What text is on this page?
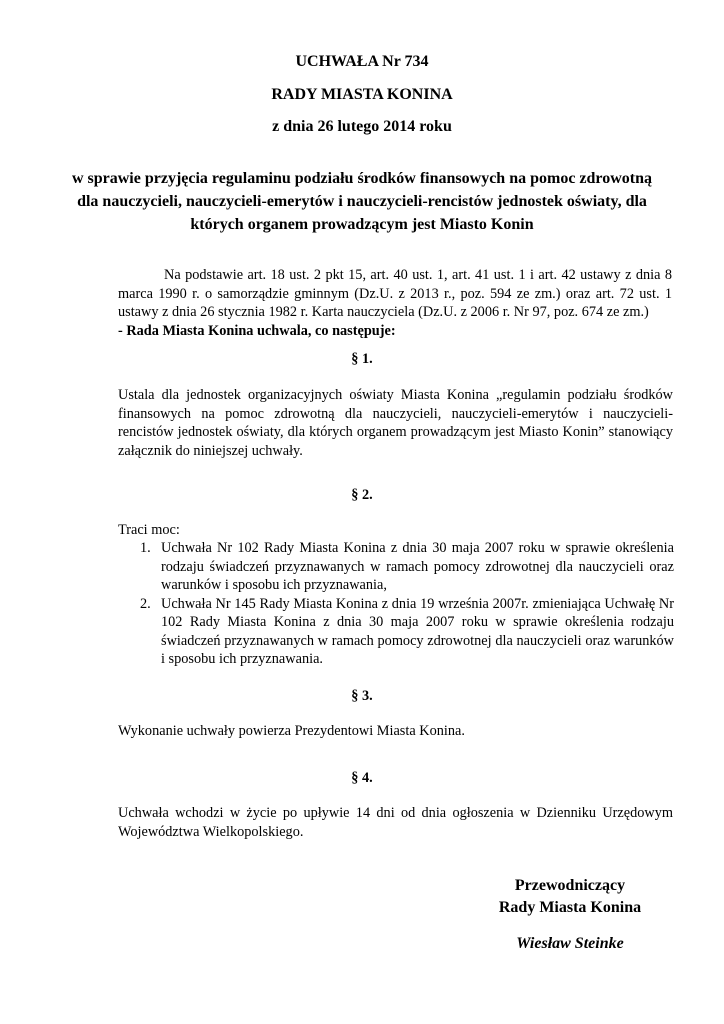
UCHWAŁA Nr 734

RADY MIASTA KONINA

z dnia 26 lutego 2014 roku

w sprawie przyjęcia regulaminu podziału środków finansowych na pomoc zdrowotną dla nauczycieli, nauczycieli-emerytów i nauczycieli-rencistów jednostek oświaty, dla których organem prowadzącym jest Miasto Konin

Na podstawie art. 18 ust. 2 pkt 15, art. 40 ust. 1, art. 41 ust. 1 i art. 42 ustawy z dnia 8 marca 1990 r. o samorządzie gminnym (Dz.U. z 2013 r., poz. 594 ze zm.) oraz art. 72 ust. 1 ustawy z dnia 26 stycznia 1982 r. Karta nauczyciela (Dz.U. z 2006 r. Nr 97, poz. 674 ze zm.)
- Rada Miasta Konina uchwala, co następuje:

§ 1.

Ustala dla jednostek organizacyjnych oświaty Miasta Konina „regulamin podziału środków finansowych na pomoc zdrowotną dla nauczycieli, nauczycieli-emerytów i nauczycieli-rencistów jednostek oświaty, dla których organem prowadzącym jest Miasto Konin” stanowiący załącznik do niniejszej uchwały.

§ 2.

Traci moc:

1. Uchwała Nr 102 Rady Miasta Konina z dnia 30 maja 2007 roku w sprawie określenia rodzaju świadczeń przyznawanych w ramach pomocy zdrowotnej dla nauczycieli oraz warunków i sposobu ich przyznawania,
2. Uchwała Nr 145 Rady Miasta Konina z dnia 19 września 2007r. zmieniająca Uchwałę Nr 102 Rady Miasta Konina z dnia 30 maja 2007 roku w sprawie określenia rodzaju świadczeń przyznawanych w ramach pomocy zdrowotnej dla nauczycieli oraz warunków i sposobu ich przyznawania.

§ 3.

Wykonanie uchwały powierza Prezydentowi Miasta Konina.

§ 4.

Uchwała wchodzi w życie po upływie 14 dni od dnia ogłoszenia w Dzienniku Urzędowym Województwa Wielkopolskiego.

Przewodniczący
Rady Miasta Konina

Wiesław Steinke
